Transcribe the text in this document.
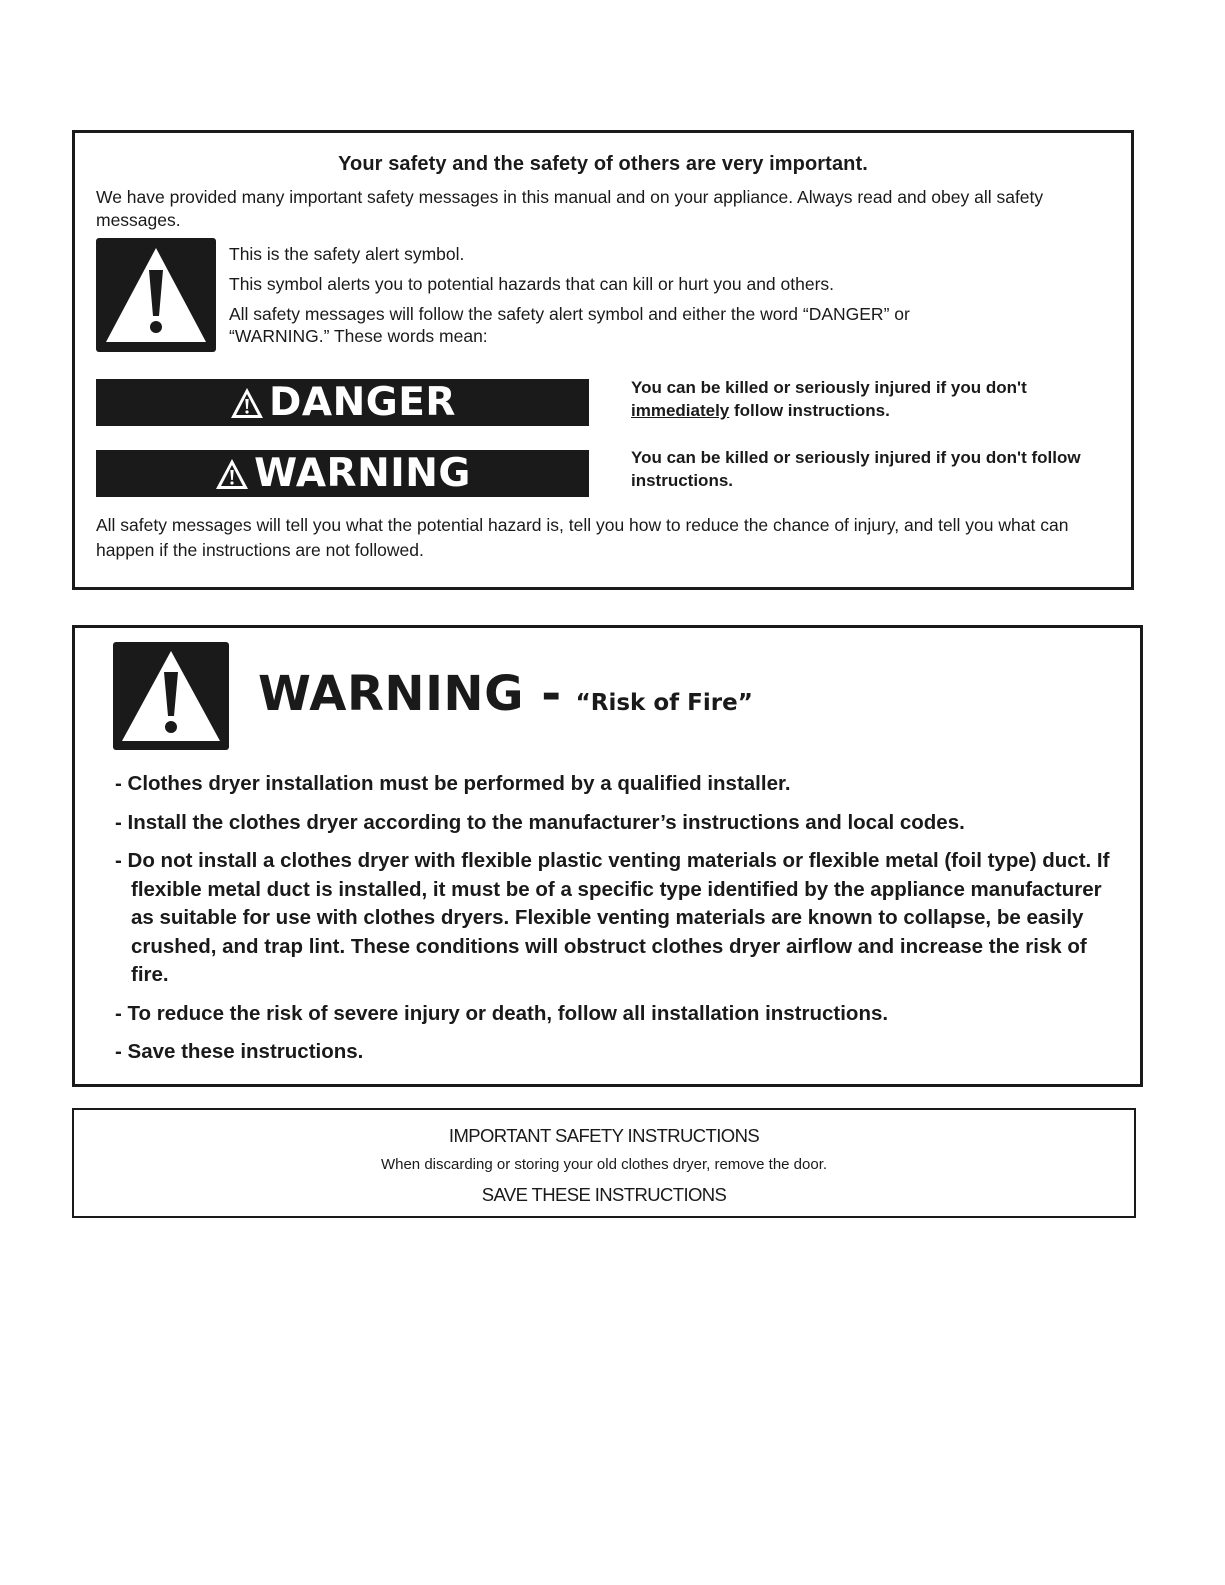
Your safety and the safety of others are very important.
We have provided many important safety messages in this manual and on your appliance. Always read and obey all safety messages.
This is the safety alert symbol.
This symbol alerts you to potential hazards that can kill or hurt you and others.
All safety messages will follow the safety alert symbol and either the word “DANGER” or
“WARNING.” These words mean:
DANGER	You can be killed or seriously injured if you don't
immediately follow instructions.
WARNING	You can be killed or seriously injured if you don't follow instructions.
All safety messages will tell you what the potential hazard is, tell you how to reduce the chance of injury, and tell you what can happen if the instructions are not followed.
WARNING - “Risk of Fire”
- Clothes dryer installation must be performed by a qualified installer.
- Install the clothes dryer according to the manufacturer’s instructions and local codes.
- Do not install a clothes dryer with flexible plastic venting materials or flexible metal (foil type) duct. If flexible metal duct is installed, it must be of a specific type identified by the appliance manufacturer as suitable for use with clothes dryers. Flexible venting materials are known to collapse, be easily crushed, and trap lint. These conditions will obstruct clothes dryer airflow and increase the risk of fire.
- To reduce the risk of severe injury or death, follow all installation instructions.
- Save these instructions.
IMPORTANT SAFETY INSTRUCTIONS
When discarding or storing your old clothes dryer, remove the door.
SAVE THESE INSTRUCTIONS
